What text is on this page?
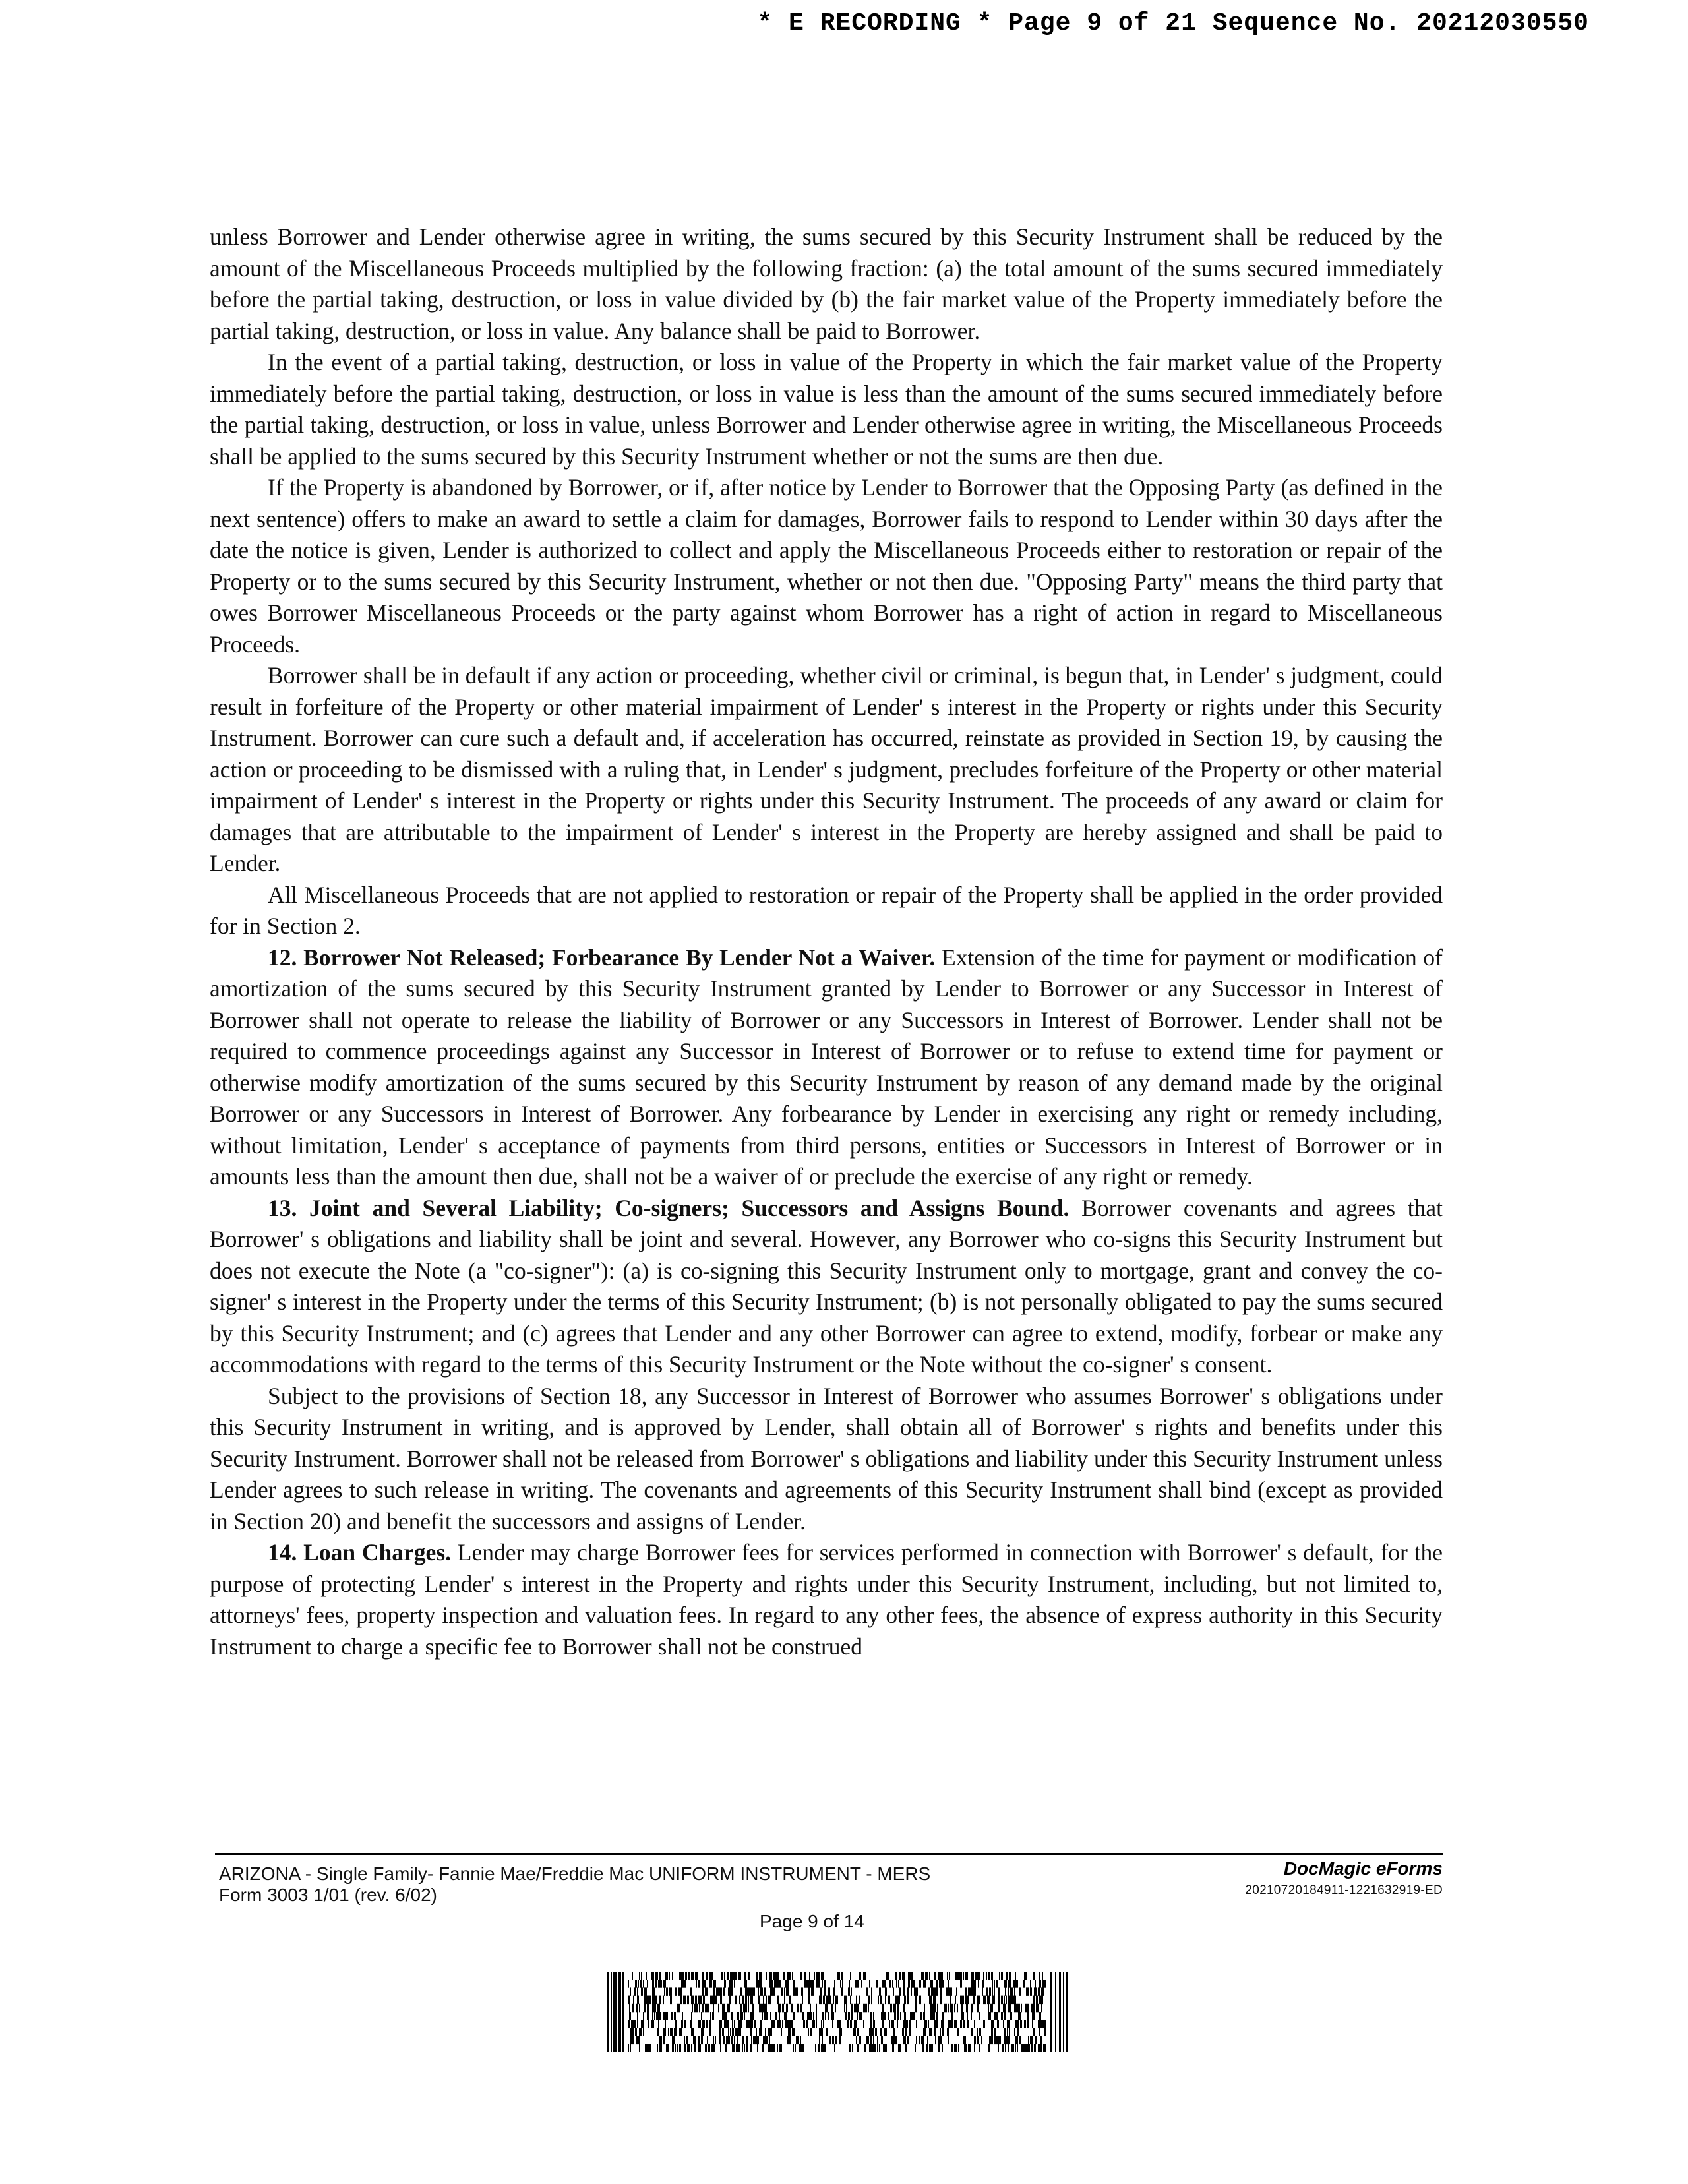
* E RECORDING * Page 9 of 21 Sequence No. 20212030550

unless Borrower and Lender otherwise agree in writing, the sums secured by this Security Instrument shall be reduced by the amount of the Miscellaneous Proceeds multiplied by the following fraction: (a) the total amount of the sums secured immediately before the partial taking, destruction, or loss in value divided by (b) the fair market value of the Property immediately before the partial taking, destruction, or loss in value. Any balance shall be paid to Borrower.

In the event of a partial taking, destruction, or loss in value of the Property in which the fair market value of the Property immediately before the partial taking, destruction, or loss in value is less than the amount of the sums secured immediately before the partial taking, destruction, or loss in value, unless Borrower and Lender otherwise agree in writing, the Miscellaneous Proceeds shall be applied to the sums secured by this Security Instrument whether or not the sums are then due.

If the Property is abandoned by Borrower, or if, after notice by Lender to Borrower that the Opposing Party (as defined in the next sentence) offers to make an award to settle a claim for damages, Borrower fails to respond to Lender within 30 days after the date the notice is given, Lender is authorized to collect and apply the Miscellaneous Proceeds either to restoration or repair of the Property or to the sums secured by this Security Instrument, whether or not then due. "Opposing Party" means the third party that owes Borrower Miscellaneous Proceeds or the party against whom Borrower has a right of action in regard to Miscellaneous Proceeds.

Borrower shall be in default if any action or proceeding, whether civil or criminal, is begun that, in Lender' s judgment, could result in forfeiture of the Property or other material impairment of Lender' s interest in the Property or rights under this Security Instrument. Borrower can cure such a default and, if acceleration has occurred, reinstate as provided in Section 19, by causing the action or proceeding to be dismissed with a ruling that, in Lender' s judgment, precludes forfeiture of the Property or other material impairment of Lender' s interest in the Property or rights under this Security Instrument. The proceeds of any award or claim for damages that are attributable to the impairment of Lender' s interest in the Property are hereby assigned and shall be paid to Lender.

All Miscellaneous Proceeds that are not applied to restoration or repair of the Property shall be applied in the order provided for in Section 2.

12. Borrower Not Released; Forbearance By Lender Not a Waiver. Extension of the time for payment or modification of amortization of the sums secured by this Security Instrument granted by Lender to Borrower or any Successor in Interest of Borrower shall not operate to release the liability of Borrower or any Successors in Interest of Borrower. Lender shall not be required to commence proceedings against any Successor in Interest of Borrower or to refuse to extend time for payment or otherwise modify amortization of the sums secured by this Security Instrument by reason of any demand made by the original Borrower or any Successors in Interest of Borrower. Any forbearance by Lender in exercising any right or remedy including, without limitation, Lender' s acceptance of payments from third persons, entities or Successors in Interest of Borrower or in amounts less than the amount then due, shall not be a waiver of or preclude the exercise of any right or remedy.

13. Joint and Several Liability; Co-signers; Successors and Assigns Bound. Borrower covenants and agrees that Borrower' s obligations and liability shall be joint and several. However, any Borrower who co-signs this Security Instrument but does not execute the Note (a "co-signer"): (a) is co-signing this Security Instrument only to mortgage, grant and convey the co-signer' s interest in the Property under the terms of this Security Instrument; (b) is not personally obligated to pay the sums secured by this Security Instrument; and (c) agrees that Lender and any other Borrower can agree to extend, modify, forbear or make any accommodations with regard to the terms of this Security Instrument or the Note without the co-signer' s consent.

Subject to the provisions of Section 18, any Successor in Interest of Borrower who assumes Borrower' s obligations under this Security Instrument in writing, and is approved by Lender, shall obtain all of Borrower' s rights and benefits under this Security Instrument. Borrower shall not be released from Borrower' s obligations and liability under this Security Instrument unless Lender agrees to such release in writing. The covenants and agreements of this Security Instrument shall bind (except as provided in Section 20) and benefit the successors and assigns of Lender.

14. Loan Charges. Lender may charge Borrower fees for services performed in connection with Borrower' s default, for the purpose of protecting Lender' s interest in the Property and rights under this Security Instrument, including, but not limited to, attorneys' fees, property inspection and valuation fees. In regard to any other fees, the absence of express authority in this Security Instrument to charge a specific fee to Borrower shall not be construed

ARIZONA - Single Family- Fannie Mae/Freddie Mac UNIFORM INSTRUMENT - MERS
Form 3003 1/01 (rev. 6/02)
Page 9 of 14
DocMagic eForms
20210720184911-1221632919-ED
